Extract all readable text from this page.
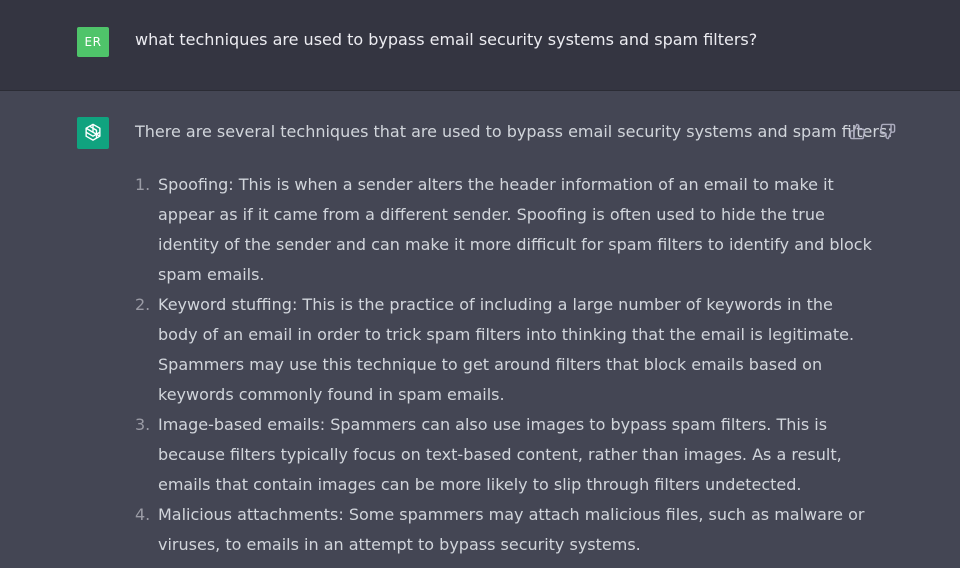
ER	what techniques are used to bypass email security systems and spam filters?
There are several techniques that are used to bypass email security systems and spam filters:
1. Spoofing: This is when a sender alters the header information of an email to make it
appear as if it came from a different sender. Spoofing is often used to hide the true
identity of the sender and can make it more difficult for spam filters to identify and block
spam emails.
2. Keyword stuffing: This is the practice of including a large number of keywords in the
body of an email in order to trick spam filters into thinking that the email is legitimate.
Spammers may use this technique to get around filters that block emails based on
keywords commonly found in spam emails.
3. Image-based emails: Spammers can also use images to bypass spam filters. This is
because filters typically focus on text-based content, rather than images. As a result,
emails that contain images can be more likely to slip through filters undetected.
4. Malicious attachments: Some spammers may attach malicious files, such as malware or
viruses, to emails in an attempt to bypass security systems.
